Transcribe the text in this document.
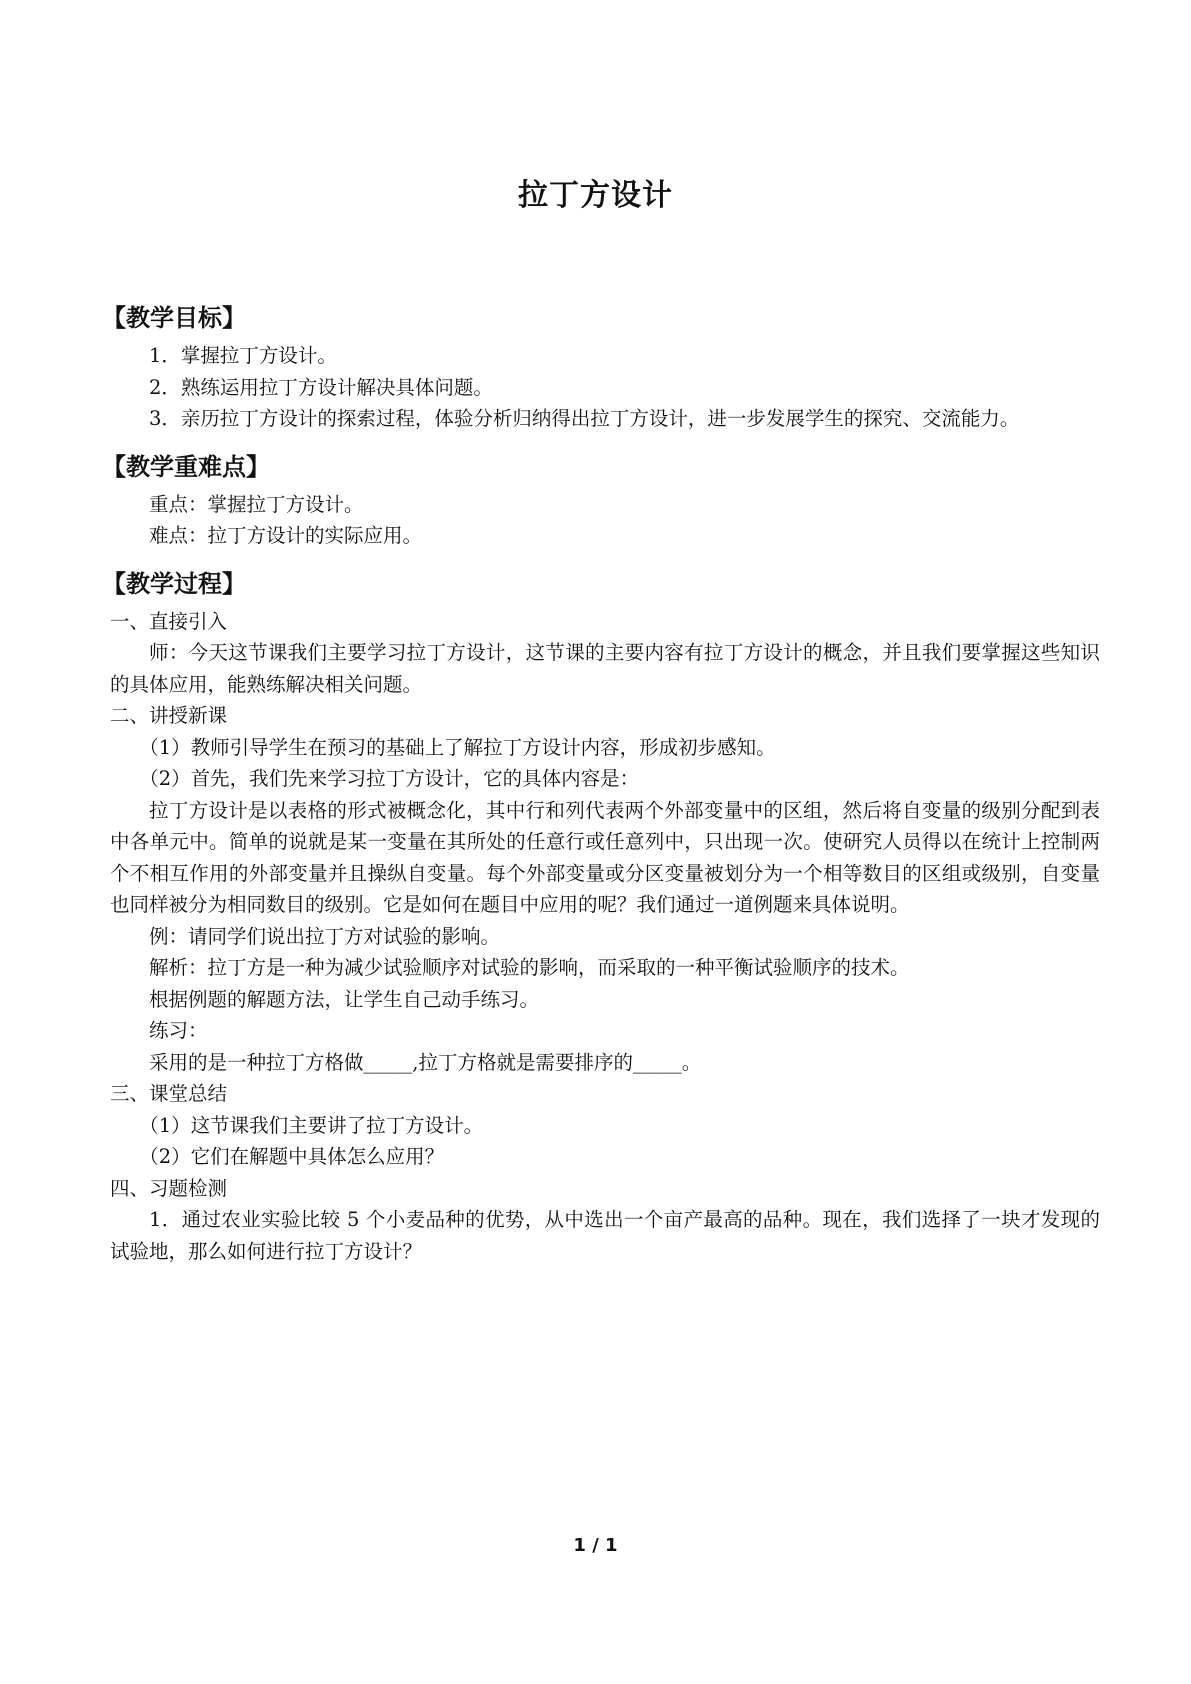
拉丁方设计
【教学目标】

1．掌握拉丁方设计。

2．熟练运用拉丁方设计解决具体问题。

3．亲历拉丁方设计的探索过程，体验分析归纳得出拉丁方设计，进一步发展学生的探究、交流能力。

【教学重难点】

重点：掌握拉丁方设计。

难点：拉丁方设计的实际应用。

【教学过程】

一、直接引入

师：今天这节课我们主要学习拉丁方设计，这节课的主要内容有拉丁方设计的概念，并且我们要掌握这些知识的具体应用，能熟练解决相关问题。

二、讲授新课

（1）教师引导学生在预习的基础上了解拉丁方设计内容，形成初步感知。

（2）首先，我们先来学习拉丁方设计，它的具体内容是：

拉丁方设计是以表格的形式被概念化，其中行和列代表两个外部变量中的区组，然后将自变量的级别分配到表中各单元中。简单的说就是某一变量在其所处的任意行或任意列中，只出现一次。使研究人员得以在统计上控制两个不相互作用的外部变量并且操纵自变量。每个外部变量或分区变量被划分为一个相等数目的区组或级别，自变量也同样被分为相同数目的级别。它是如何在题目中应用的呢？我们通过一道例题来具体说明。

例：请同学们说出拉丁方对试验的影响。

解析：拉丁方是一种为减少试验顺序对试验的影响，而采取的一种平衡试验顺序的技术。

根据例题的解题方法，让学生自己动手练习。

练习：

采用的是一种拉丁方格做_____,拉丁方格就是需要排序的_____。

三、课堂总结

（1）这节课我们主要讲了拉丁方设计。

（2）它们在解题中具体怎么应用？

四、习题检测

1．通过农业实验比较 5 个小麦品种的优势，从中选出一个亩产最高的品种。现在，我们选择了一块才发现的试验地，那么如何进行拉丁方设计？

1 / 1
